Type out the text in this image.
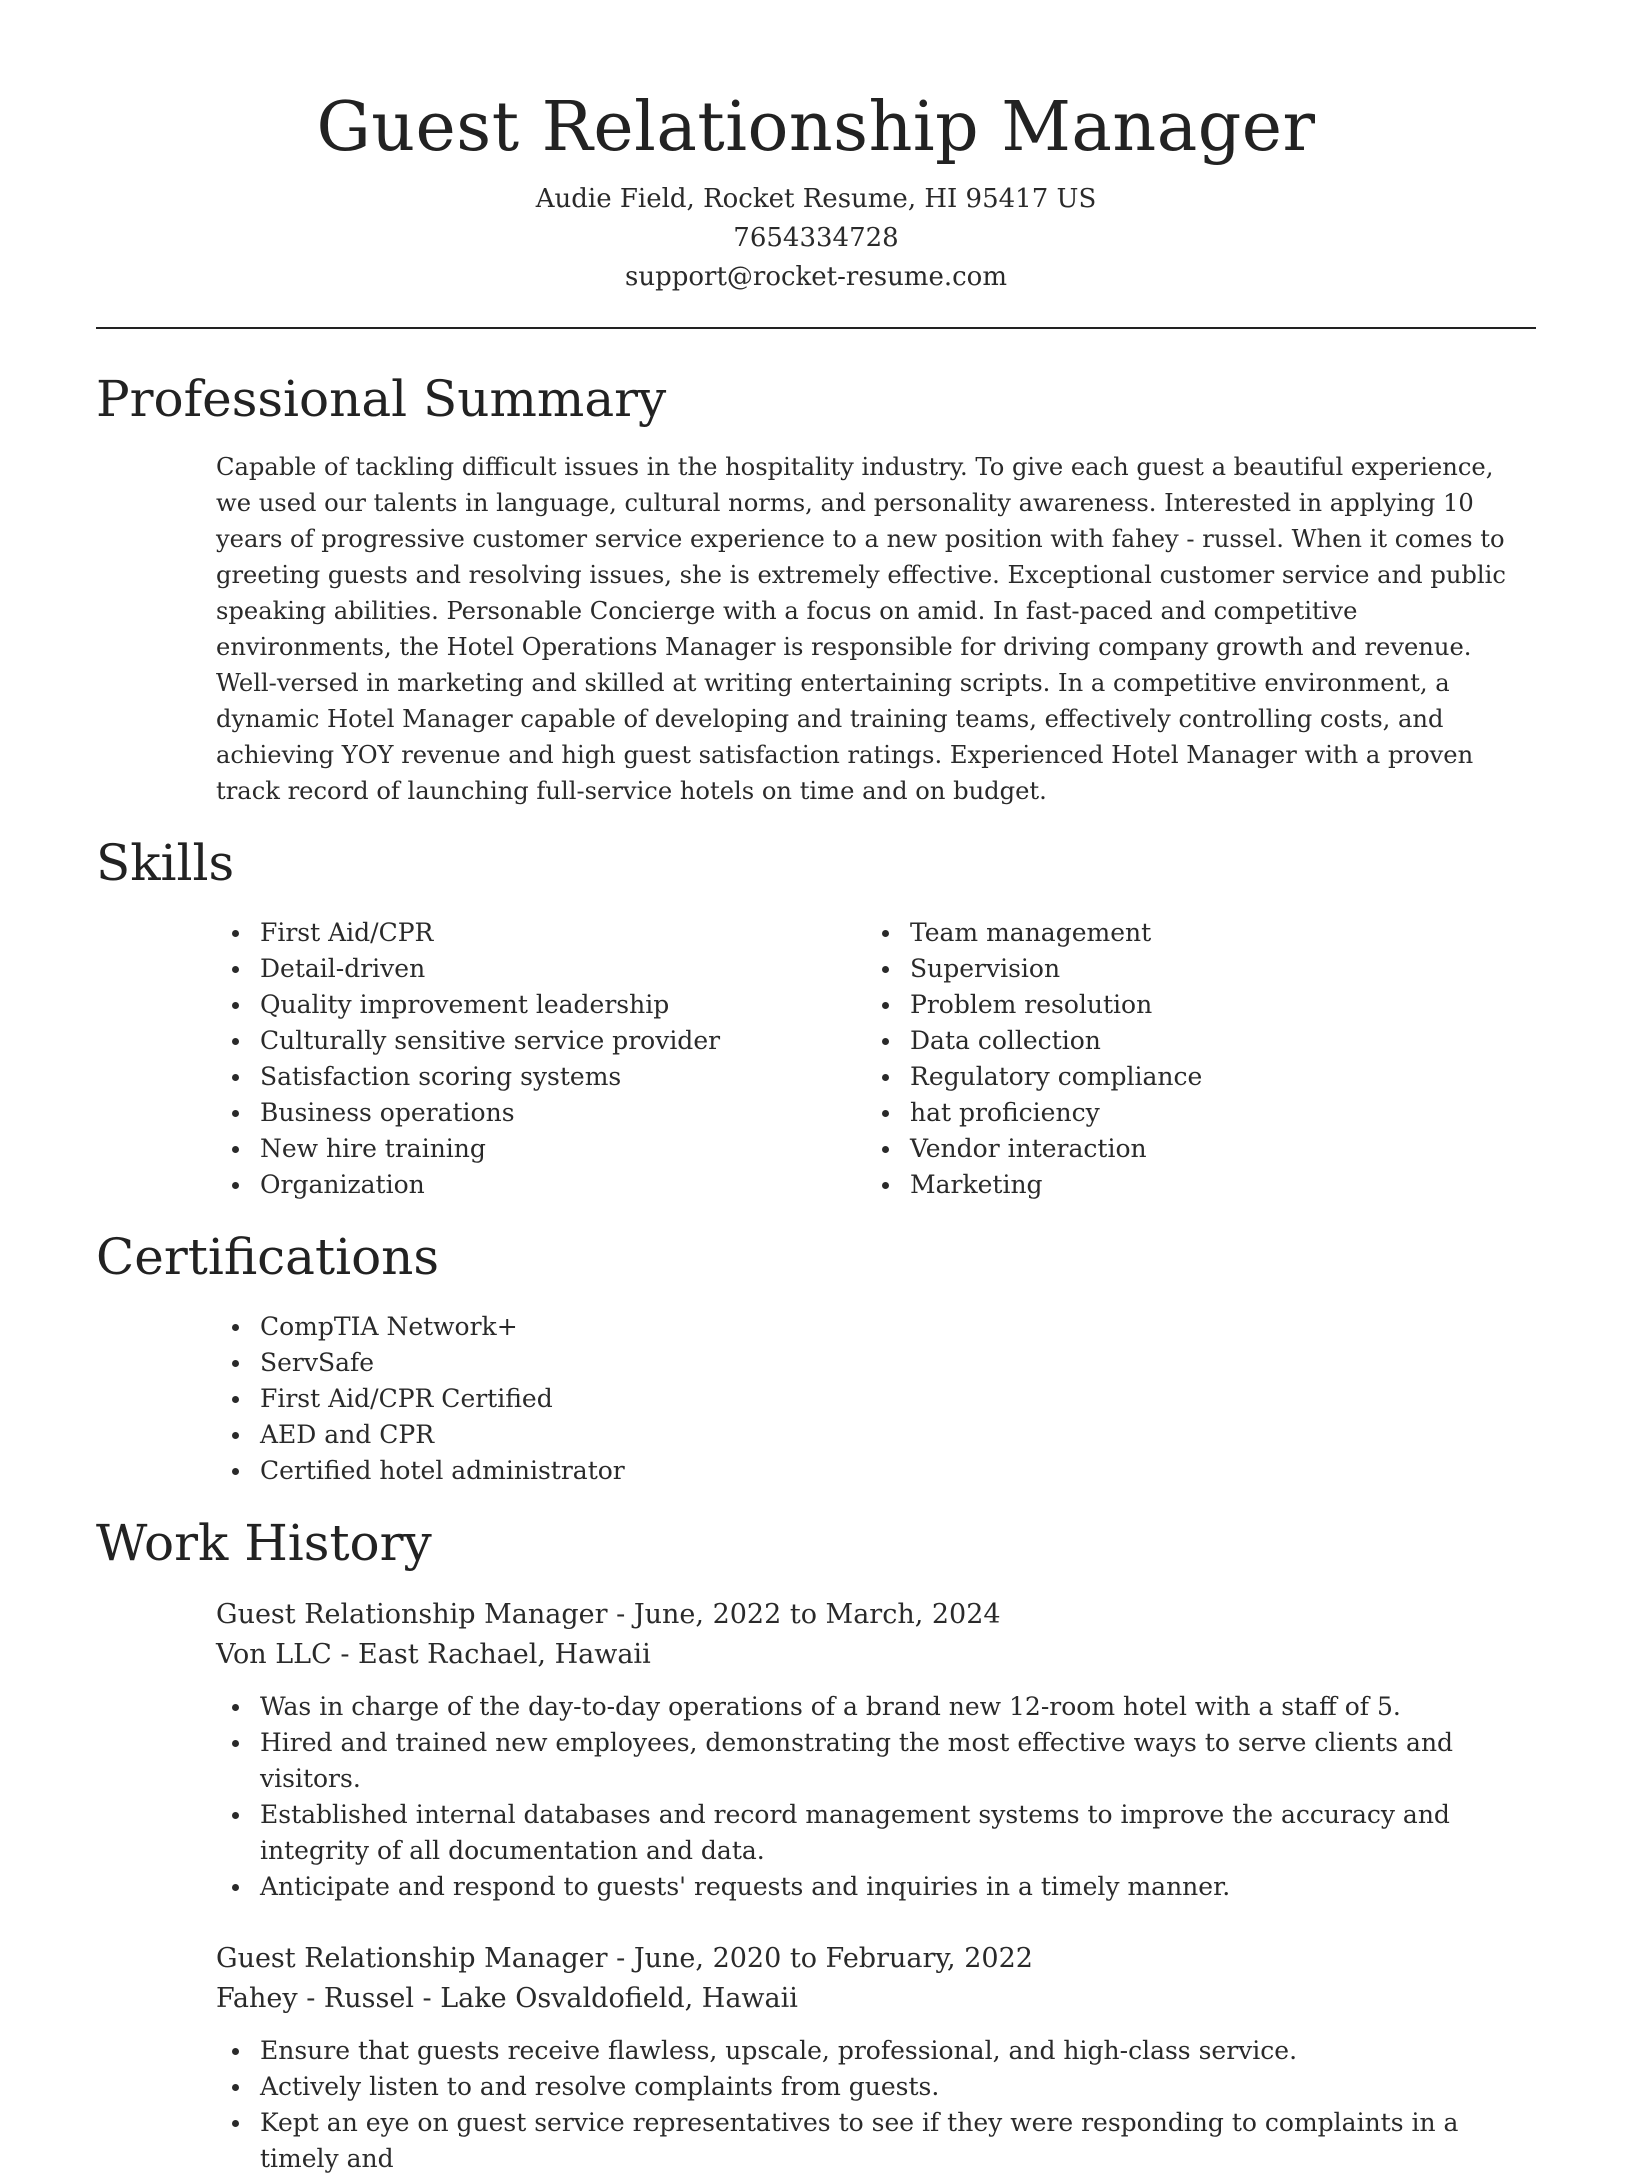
Guest Relationship Manager
Audie Field, Rocket Resume, HI 95417 US
7654334728
support@rocket-resume.com
Professional Summary
Capable of tackling difficult issues in the hospitality industry. To give each guest a beautiful experience, we used our talents in language, cultural norms, and personality awareness. Interested in applying 10 years of progressive customer service experience to a new position with fahey - russel. When it comes to greeting guests and resolving issues, she is extremely effective. Exceptional customer service and public speaking abilities. Personable Concierge with a focus on amid. In fast-paced and competitive environments, the Hotel Operations Manager is responsible for driving company growth and revenue. Well-versed in marketing and skilled at writing entertaining scripts. In a competitive environment, a dynamic Hotel Manager capable of developing and training teams, effectively controlling costs, and achieving YOY revenue and high guest satisfaction ratings. Experienced Hotel Manager with a proven track record of launching full-service hotels on time and on budget.
Skills
First Aid/CPR
Detail-driven
Quality improvement leadership
Culturally sensitive service provider
Satisfaction scoring systems
Business operations
New hire training
Organization
Team management
Supervision
Problem resolution
Data collection
Regulatory compliance
hat proficiency
Vendor interaction
Marketing
Certifications
CompTIA Network+
ServSafe
First Aid/CPR Certified
AED and CPR
Certified hotel administrator
Work History
Guest Relationship Manager - June, 2022 to March, 2024
Von LLC - East Rachael, Hawaii
Was in charge of the day-to-day operations of a brand new 12-room hotel with a staff of 5.
Hired and trained new employees, demonstrating the most effective ways to serve clients and visitors.
Established internal databases and record management systems to improve the accuracy and integrity of all documentation and data.
Anticipate and respond to guests' requests and inquiries in a timely manner.
Guest Relationship Manager - June, 2020 to February, 2022
Fahey - Russel - Lake Osvaldofield, Hawaii
Ensure that guests receive flawless, upscale, professional, and high-class service.
Actively listen to and resolve complaints from guests.
Kept an eye on guest service representatives to see if they were responding to complaints in a timely and
